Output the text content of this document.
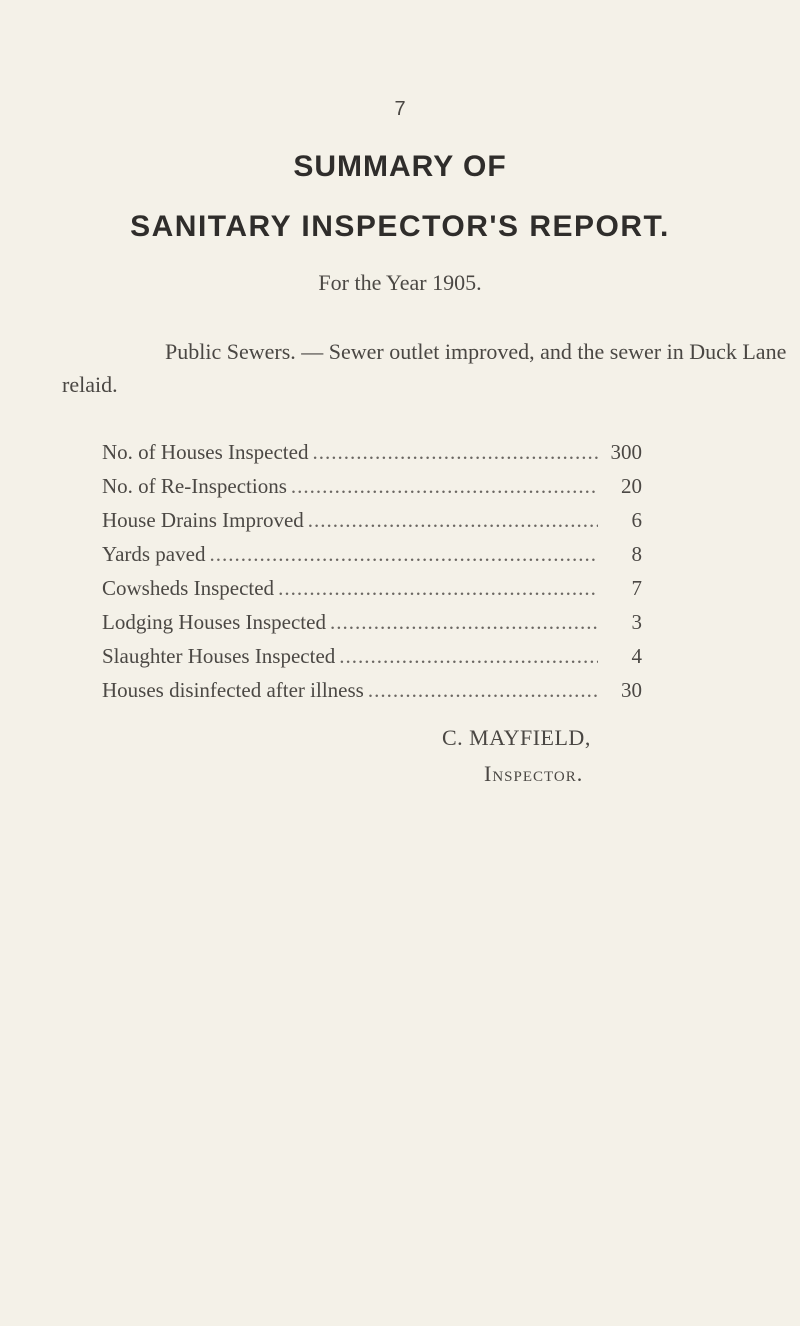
7
SUMMARY OF
SANITARY INSPECTOR'S REPORT.
For the Year 1905.
Public Sewers. — Sewer outlet improved, and the sewer in Duck Lane relaid.
No. of Houses Inspected .....	300
No. of Re-Inspections .....	20
House Drains Improved .....	6
Yards paved .....	8
Cowsheds Inspected .....	7
Lodging Houses Inspected .....	3
Slaughter Houses Inspected .....	4
Houses disinfected after illness .....	30
C. MAYFIELD,
Inspector.
